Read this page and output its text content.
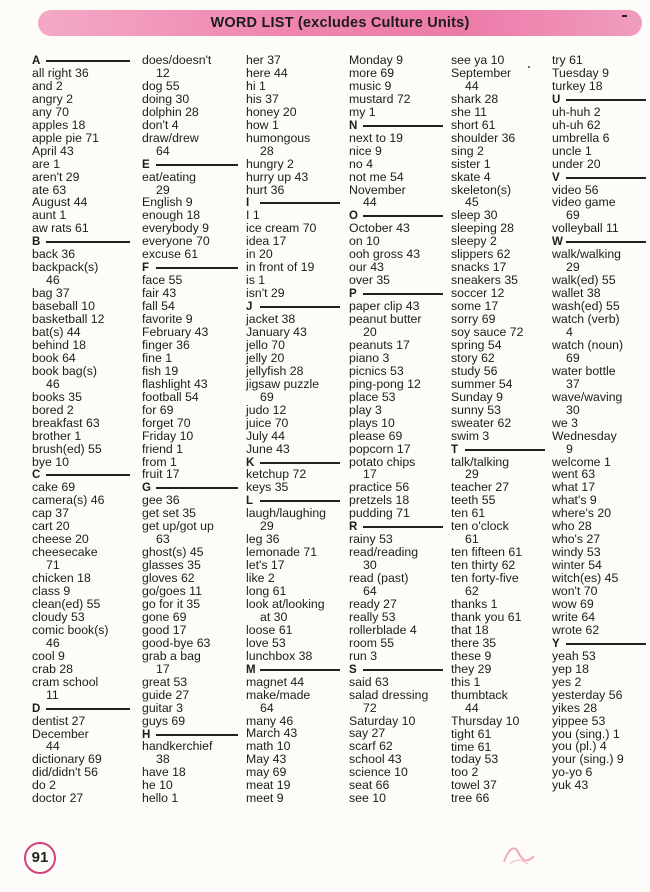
WORD LIST (excludes Culture Units)
A
all right 36
and 2
angry 2
any 70
apples 18
apple pie 71
April 43
are 1
aren't 29
ate 63
August 44
aunt 1
aw rats 61
B
back 36
backpack(s)
46
bag 37
baseball 10
basketball 12
bat(s) 44
behind 18
book 64
book bag(s)
46
books 35
bored 2
breakfast 63
brother 1
brush(ed) 55
bye 10
C
cake 69
camera(s) 46
cap 37
cart 20
cheese 20
cheesecake
71
chicken 18
class 9
clean(ed) 55
cloudy 53
comic book(s)
46
cool 9
crab 28
cram school
11
D
dentist 27
December
44
dictionary 69
did/didn't 56
do 2
doctor 27
does/doesn't
12
dog 55
doing 30
dolphin 28
don't 4
draw/drew
64
E
eat/eating
29
English 9
enough 18
everybody 9
everyone 70
excuse 61
F
face 55
fair 43
fall 54
favorite 9
February 43
finger 36
fine 1
fish 19
flashlight 43
football 54
for 69
forget 70
Friday 10
friend 1
from 1
fruit 17
G
gee 36
get set 35
get up/got up
63
ghost(s) 45
glasses 35
gloves 62
go/goes 11
go for it 35
gone 69
good 17
good-bye 63
grab a bag
17
great 53
guide 27
guitar 3
guys 69
H
handkerchief
38
have 18
he 10
hello 1
her 37
here 44
hi 1
his 37
honey 20
how 1
humongous
28
hungry 2
hurry up 43
hurt 36
I
I 1
ice cream 70
idea 17
in 20
in front of 19
is 1
isn't 29
J
jacket 38
January 43
jello 70
jelly 20
jellyfish 28
jigsaw puzzle
69
judo 12
juice 70
July 44
June 43
K
ketchup 72
keys 35
L
laugh/laughing
29
leg 36
lemonade 71
let's 17
like 2
long 61
look at/looking
at 30
loose 61
love 53
lunchbox 38
M
magnet 44
make/made
64
many 46
March 43
math 10
May 43
may 69
meat 19
meet 9
Monday 9
more 69
music 9
mustard 72
my 1
N
next to 19
nice 9
no 4
not me 54
November
44
O
October 43
on 10
ooh gross 43
our 43
over 35
P
paper clip 43
peanut butter
20
peanuts 17
piano 3
picnics 53
ping-pong 12
place 53
play 3
plays 10
please 69
popcorn 17
potato chips
17
practice 56
pretzels 18
pudding 71
R
rainy 53
read/reading
30
read (past)
64
ready 27
really 53
rollerblade 4
room 55
run 3
S
said 63
salad dressing
72
Saturday 10
say 27
scarf 62
school 43
science 10
seat 66
see 10
see ya 10
September
44
shark 28
she 11
short 61
shoulder 36
sing 2
sister 1
skate 4
skeleton(s)
45
sleep 30
sleeping 28
sleepy 2
slippers 62
snacks 17
sneakers 35
soccer 12
some 17
sorry 69
soy sauce 72
spring 54
story 62
study 56
summer 54
Sunday 9
sunny 53
sweater 62
swim 3
T
talk/talking
29
teacher 27
teeth 55
ten 61
ten o'clock
61
ten fifteen 61
ten thirty 62
ten forty-five
62
thanks 1
thank you 61
that 18
there 35
these 9
they 29
this 1
thumbtack
44
Thursday 10
tight 61
time 61
today 53
too 2
towel 37
tree 66
try 61
Tuesday 9
turkey 18
U
uh-huh 2
uh-uh 62
umbrella 6
uncle 1
under 20
V
video 56
video game
69
volleyball 11
W
walk/walking
29
walk(ed) 55
wallet 38
wash(ed) 55
watch (verb)
4
watch (noun)
69
water bottle
37
wave/waving
30
we 3
Wednesday
9
welcome 1
went 63
what 17
what's 9
where's 20
who 28
who's 27
windy 53
winter 54
witch(es) 45
won't 70
wow 69
write 64
wrote 62
Y
yeah 53
yep 18
yes 2
yesterday 56
yikes 28
yippee 53
you (sing.) 1
you (pl.) 4
your (sing.) 9
yo-yo 6
yuk 43
91
